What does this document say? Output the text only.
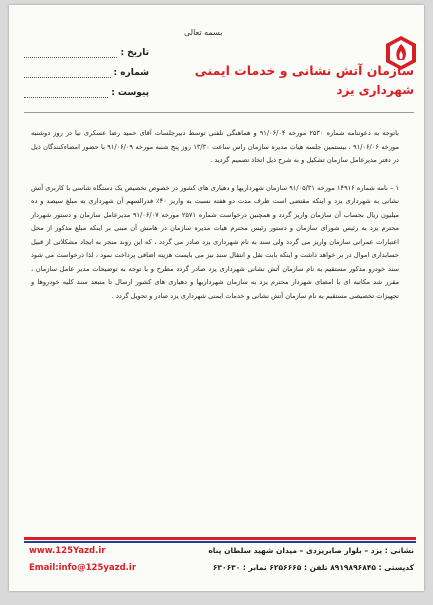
بسمه تعالی
تاریخ :
شماره :
پیوست :
سازمان آتش نشانی و خدمات ایمنی
شهرداری یزد

باتوجه به دعوتنامه شماره ۲۵۳۰ مورخه ۹۱/۰۶/۰۴ و هماهنگی تلفنی توسط دبیرجلسات آقای حمید رضا عسکری نیا در روز دوشنبه مورخه ۹۱/۰۶/۰۶ ، بیستمین جلسه هیات مدیره سازمان راس ساعت ۱۳/۳۰ روز پنج شنبه مورخه ۹۱/۰۶/۰۹ با حضور امضاءکنندگان ذیل در دفتر مدیرعامل سازمان تشکیل و به شرح ذیل اتخاذ تصمیم گردید .

۱ – نامه شماره ۱۴۹۱۶ مورخه ۹۱/۰۵/۳۱ سازمان شهرداریها و دهیاری های کشور در خصوص تخصیص یک دستگاه شاسی با کاربری آتش نشانی به شهرداری یزد و اینکه مقتضی است ظرف مدت دو هفته نسبت به واریز ۴۰٪ فدرالسهم آن شهرداری به مبلغ سیصد و ده میلیون ریال بحساب آن سازمان واریز گردد و همچنین درخواست شماره ۲۵۷۱ مورخه ۹۱/۰۶/۰۷ مدیرعامل سازمان و دستور شهردار محترم یزد به رئیس شورای سازمان و دستور رئیس محترم هیات مدیره سازمان در هامش آن مبنی بر اینکه مبلغ مذکور از محل اعتبارات عمرانی سازمان واریز می گردد ولی سند به نام شهرداری یزد صادر می گردد ، که این روند منجر به ایجاد مشکلاتی از قبیل حسابداری اموال در بر خواهد داشت و اینکه بابت نقل و انتقال سند نیز می بایست هزینه اضافی پرداخت نمود ، لذا درخواست می شود سند خودرو مذکور مستقیم به نام سازمان آتش نشانی شهرداری یزد صادر گردد مطرح و با توجه به توضیحات مدیر عامل سازمان ، مقرر شد مکاتبه ای با امضای شهردار محترم یزد به سازمان شهرداریها و دهیاری های کشور ارسال تا متبعد سند کلیه خودروها و تجهیزات تخصیصی مستقیم به نام سازمان آتش نشانی و خدمات ایمنی شهرداری یزد صادر و تحویل گردد .

نشانی : یزد – بلوار صابریزدی – میدان شهید سلطان پناه
کدپستی : ۸۹۱۹۸۹۶۸۴۵ تلفن : ۶۲۵۶۶۶۵ نمابر : ۶۳۰۶۳۰
www.125Yazd.ir
Email:info@125yazd.ir
